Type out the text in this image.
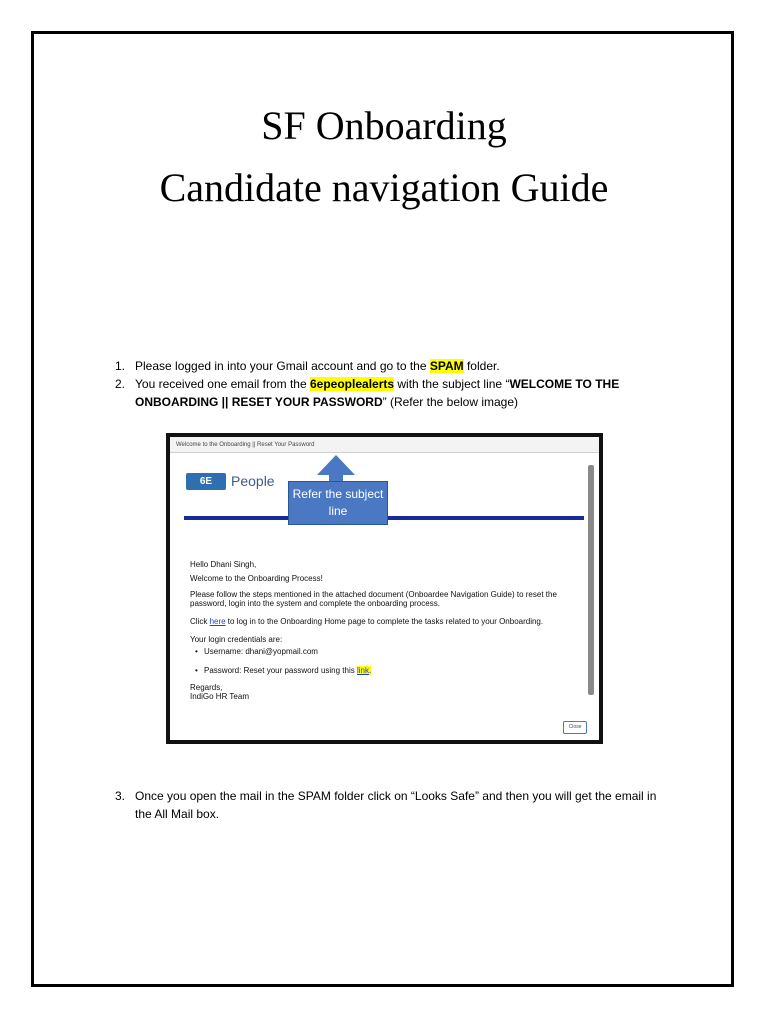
SF Onboarding
Candidate navigation Guide
1. Please logged in into your Gmail account and go to the SPAM folder.
2. You received one email from the 6epeoplealerts with the subject line “WELCOME TO THE ONBOARDING || RESET YOUR PASSWORD” (Refer the below image)
Welcome to the Onboarding || Reset Your Password
6E	People
Refer the subject line
Hello Dhani Singh,
Welcome to the Onboarding Process!
Please follow the steps mentioned in the attached document (Onboardee Navigation Guide) to reset the password, login into the system and complete the onboarding process.
Click here to log in to the Onboarding Home page to complete the tasks related to your Onboarding.
Your login credentials are:
• Username: dhani@yopmail.com
• Password: Reset your password using this link.
Regards,
IndiGo HR Team
Close
3. Once you open the mail in the SPAM folder click on “Looks Safe” and then you will get the email in the All Mail box.
